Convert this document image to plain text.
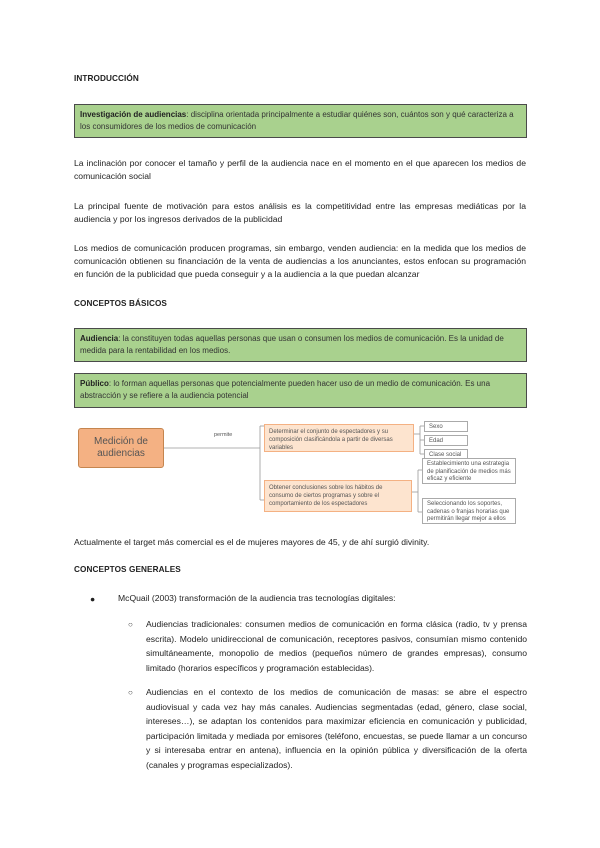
INTRODUCCIÓN
Investigación de audiencias: disciplina orientada principalmente a estudiar quiénes son, cuántos son y qué caracteriza a los consumidores de los medios de comunicación
La inclinación por conocer el tamaño y perfil de la audiencia nace en el momento en el que aparecen los medios de comunicación social
La principal fuente de motivación para estos análisis es la competitividad entre las empresas mediáticas por la audiencia y por los ingresos derivados de la publicidad
Los medios de comunicación producen programas, sin embargo, venden audiencia: en la medida que los medios de comunicación obtienen su financiación de la venta de audiencias a los anunciantes, estos enfocan su programación en función de la publicidad que pueda conseguir y a la audiencia a la que puedan alcanzar
CONCEPTOS BÁSICOS
Audiencia: la constituyen todas aquellas personas que usan o consumen los medios de comunicación. Es la unidad de medida para la rentabilidad en los medios.
Público: lo forman aquellas personas que potencialmente pueden hacer uso de un medio de comunicación. Es una abstracción y se refiere a la audiencia potencial
Medición de audiencias
permite	Determinar el conjunto de espectadores y su composición clasificándola a partir de diversas variables
Obtener conclusiones sobre los hábitos de consumo de ciertos programas y sobre el comportamiento de los espectadores
Sexo
Edad
Clase social
Establecimiento una estrategia de planificación de medios más eficaz y eficiente
Seleccionando los soportes, cadenas o franjas horarias que permitirán llegar mejor a ellos
Actualmente el target más comercial es el de mujeres mayores de 45, y de ahí surgió divinity.
CONCEPTOS GENERALES
●	McQuail (2003) transformación de la audiencia tras tecnologías digitales:
○ Audiencias tradicionales: consumen medios de comunicación en forma clásica (radio, tv y prensa escrita). Modelo unidireccional de comunicación, receptores pasivos, consumían mismo contenido simultáneamente, monopolio de medios (pequeños número de grandes empresas), consumo limitado (horarios específicos y programación establecidas).
○ Audiencias en el contexto de los medios de comunicación de masas: se abre el espectro audiovisual y cada vez hay más canales. Audiencias segmentadas (edad, género, clase social, intereses…), se adaptan los contenidos para maximizar eficiencia en comunicación y publicidad, participación limitada y mediada por emisores (teléfono, encuestas, se puede llamar a un concurso y si interesaba entrar en antena), influencia en la opinión pública y diversificación de la oferta (canales y programas especializados).
